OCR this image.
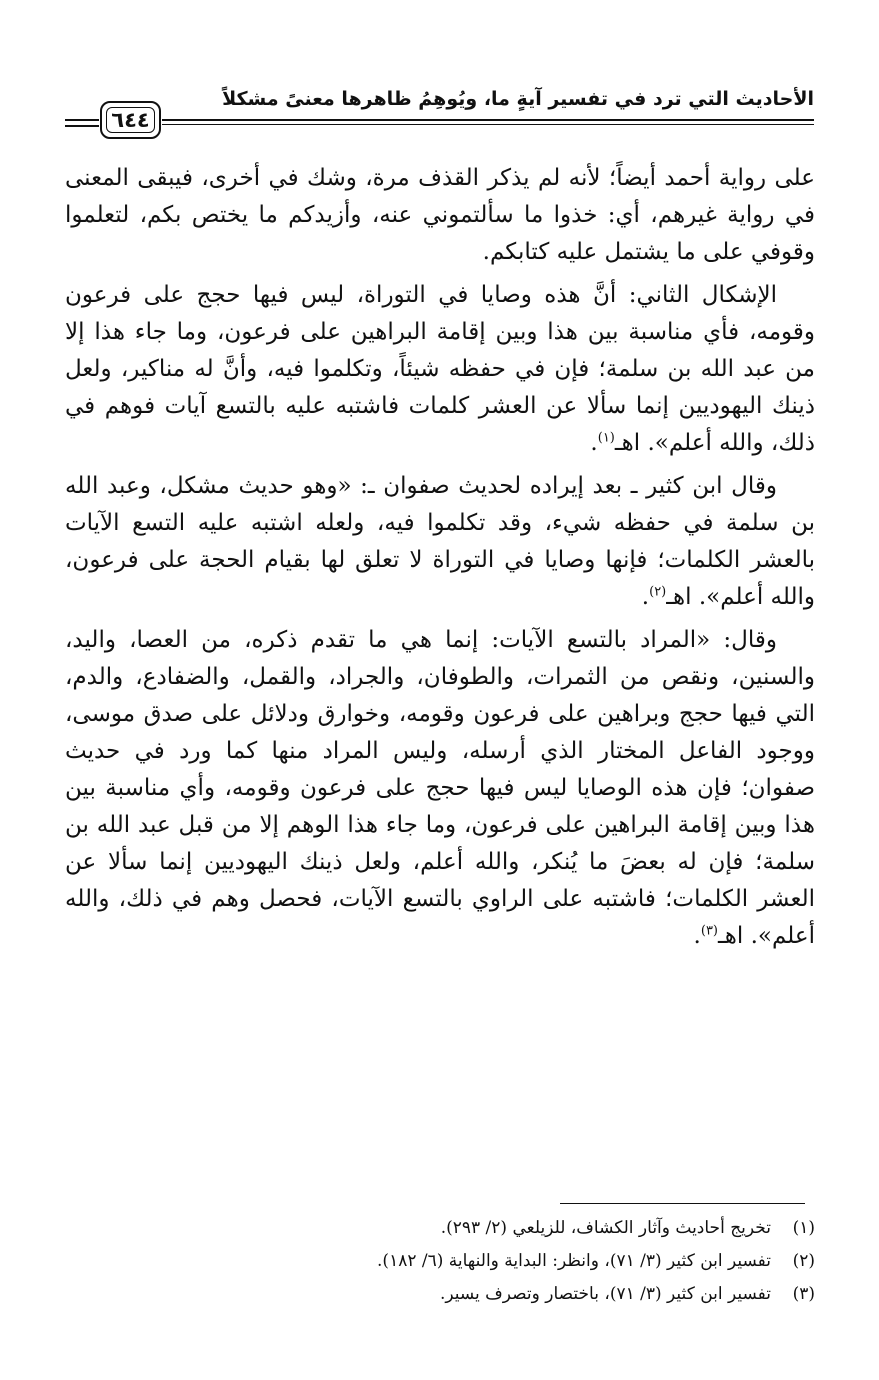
الأحاديث التي ترد في تفسير آيةٍ ما، ويُوهِمُ ظاهرها معنىً مشكلاً
٦٤٤

على رواية أحمد أيضاً؛ لأنه لم يذكر القذف مرة، وشك في أخرى، فيبقى المعنى في رواية غيرهم، أي: خذوا ما سألتموني عنه، وأزيدكم ما يختص بكم، لتعلموا وقوفي على ما يشتمل عليه كتابكم.

الإشكال الثاني: أنَّ هذه وصايا في التوراة، ليس فيها حجج على فرعون وقومه، فأي مناسبة بين هذا وبين إقامة البراهين على فرعون، وما جاء هذا إلا من عبد الله بن سلمة؛ فإن في حفظه شيئاً، وتكلموا فيه، وأنَّ له مناكير، ولعل ذينك اليهوديين إنما سألا عن العشر كلمات فاشتبه عليه بالتسع آيات فوهم في ذلك، والله أعلم». اهـ$^{(١)}$.

وقال ابن كثير ـ بعد إيراده لحديث صفوان ـ: «وهو حديث مشكل، وعبد الله بن سلمة في حفظه شيء، وقد تكلموا فيه، ولعله اشتبه عليه التسع الآيات بالعشر الكلمات؛ فإنها وصايا في التوراة لا تعلق لها بقيام الحجة على فرعون، والله أعلم». اهـ$^{(٢)}$.

وقال: «المراد بالتسع الآيات: إنما هي ما تقدم ذكره، من العصا، واليد، والسنين، ونقص من الثمرات، والطوفان، والجراد، والقمل، والضفادع، والدم، التي فيها حجج وبراهين على فرعون وقومه، وخوارق ودلائل على صدق موسى، ووجود الفاعل المختار الذي أرسله، وليس المراد منها كما ورد في حديث صفوان؛ فإن هذه الوصايا ليس فيها حجج على فرعون وقومه، وأي مناسبة بين هذا وبين إقامة البراهين على فرعون، وما جاء هذا الوهم إلا من قبل عبد الله بن سلمة؛ فإن له بعضَ ما يُنكر، والله أعلم، ولعل ذينك اليهوديين إنما سألا عن العشر الكلمات؛ فاشتبه على الراوي بالتسع الآيات، فحصل وهم في ذلك، والله أعلم». اهـ$^{(٣)}$.

(١)
تخريج أحاديث وآثار الكشاف، للزيلعي (٢/ ٢٩٣).
(٢)
تفسير ابن كثير (٣/ ٧١)، وانظر: البداية والنهاية (٦/ ١٨٢).
(٣)
تفسير ابن كثير (٣/ ٧١)، باختصار وتصرف يسير.
